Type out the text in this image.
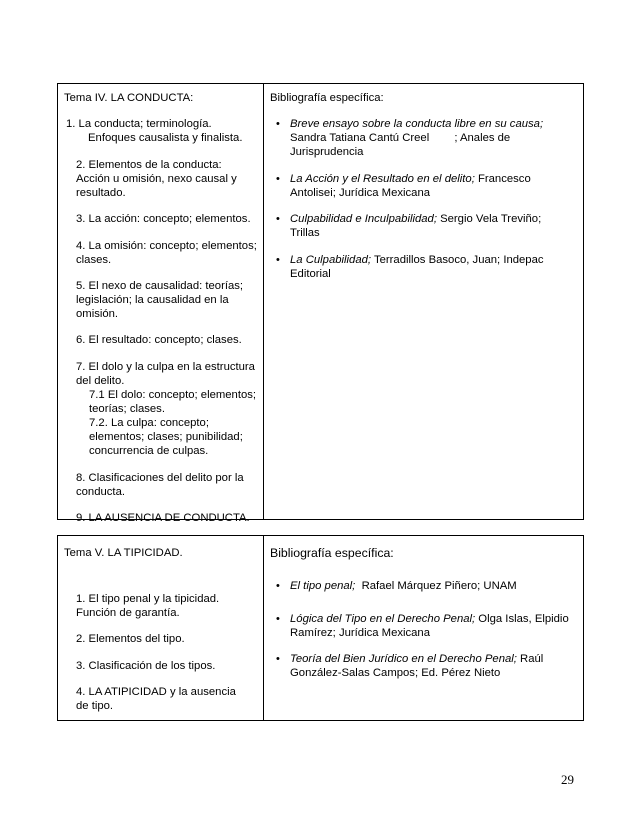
Tema IV. LA CONDUCTA:
1. La conducta; terminología.
Enfoques causalista y finalista.
2. Elementos de la conducta:
Acción u omisión, nexo causal y
resultado.
3. La acción: concepto; elementos.
4. La omisión: concepto; elementos;
clases.
5. El nexo de causalidad: teorías;
legislación; la causalidad en la
omisión.
6. El resultado: concepto; clases.
7. El dolo y la culpa en la estructura
del delito.
7.1 El dolo: concepto; elementos;
teorías; clases.
7.2. La culpa: concepto;
elementos; clases; punibilidad;
concurrencia de culpas.
8. Clasificaciones del delito por la
conducta.
9. LA AUSENCIA DE CONDUCTA.
Bibliografía específica:
• Breve ensayo sobre la conducta libre en su causa;
Sandra Tatiana Cantú Creel        ; Anales de
Jurisprudencia
• La Acción y el Resultado en el delito; Francesco
Antolisei; Jurídica Mexicana
• Culpabilidad e Inculpabilidad; Sergio Vela Treviño;
Trillas
• La Culpabilidad; Terradillos Basoco, Juan; Indepac
Editorial
Tema V. LA TIPICIDAD.
1. El tipo penal y la tipicidad.
Función de garantía.
2. Elementos del tipo.
3. Clasificación de los tipos.
4. LA ATIPICIDAD y la ausencia
de tipo.
Bibliografía específica:
• El tipo penal;  Rafael Márquez Piñero; UNAM
• Lógica del Tipo en el Derecho Penal; Olga Islas, Elpidio
Ramírez; Jurídica Mexicana
• Teoría del Bien Jurídico en el Derecho Penal; Raúl
González-Salas Campos; Ed. Pérez Nieto
29
